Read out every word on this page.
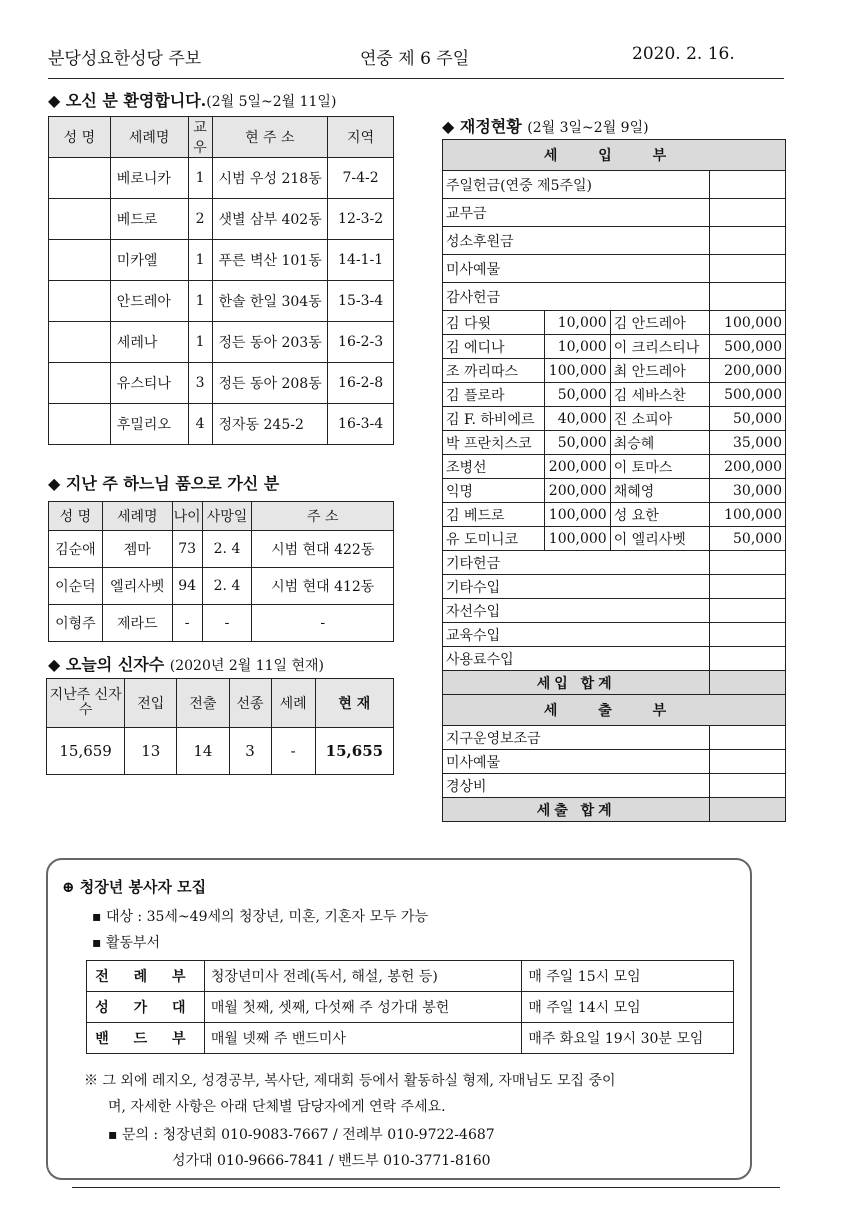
분당성요한성당 주보	연중 제 6 주일	2020. 2. 16.
◆ 오신 분 환영합니다.(2월 5일~2월 11일)
성 명	세례명	교우	현 주 소	지역
	베로니카	1	시범 우성 218동	7-4-2
	베드로	2	샛별 삼부 402동	12-3-2
	미카엘	1	푸른 벽산 101동	14-1-1
	안드레아	1	한솔 한일 304동	15-3-4
	세레나	1	정든 동아 203동	16-2-3
	유스티나	3	정든 동아 208동	16-2-8
	후밀리오	4	정자동 245-2	16-3-4
◆ 지난 주 하느님 품으로 가신 분
성 명	세례명	나이	사망일	주 소
김순애	젬마	73	2. 4	시범 현대 422동
이순덕	엘리사벳	94	2. 4	시범 현대 412동
이형주	제라드	-	-	-
◆ 오늘의 신자수 (2020년 2월 11일 현재)
지난주 신자수	전입	전출	선종	세례	현 재
15,659	13	14	3	-	15,655
◆ 재정현황 (2월 3일~2월 9일)
세 입 부			
주일헌금(연중 제5주일)			
교무금			
성소후원금			
미사예물			
감사헌금			
김 다윗	10,000	김 안드레아	100,000
김 에디나	10,000	이 크리스티나	500,000
조 까리따스	100,000	최 안드레아	200,000
김 플로라	50,000	김 세바스찬	500,000
김 F. 하비에르	40,000	진 소피아	50,000
박 프란치스코	50,000	최승혜	35,000
조병선	200,000	이 토마스	200,000
익명	200,000	채혜영	30,000
김 베드로	100,000	성 요한	100,000
유 도미니코	100,000	이 엘리사벳	50,000
기타헌금			
기타수입			
자선수입			
교육수입			
사용료수입			
세입 합계			
세 출 부			
지구운영보조금			
미사예물			
경상비			
세출 합계			
⊕ 청장년 봉사자 모집
▪ 대상 : 35세~49세의 청장년, 미혼, 기혼자 모두 가능
▪ 활동부서
전 례 부	청장년미사 전례(독서, 해설, 봉헌 등)	매 주일 15시 모임
성 가 대	매월 첫째, 셋째, 다섯째 주 성가대 봉헌	매 주일 14시 모임
밴 드 부	매월 넷째 주 밴드미사	매주 화요일 19시 30분 모임
※ 그 외에 레지오, 성경공부, 복사단, 제대회 등에서 활동하실 형제, 자매님도 모집 중이
며, 자세한 사항은 아래 단체별 담당자에게 연락 주세요.
▪ 문의 : 청장년회 010-9083-7667 / 전례부 010-9722-4687
성가대 010-9666-7841 / 밴드부 010-3771-8160
